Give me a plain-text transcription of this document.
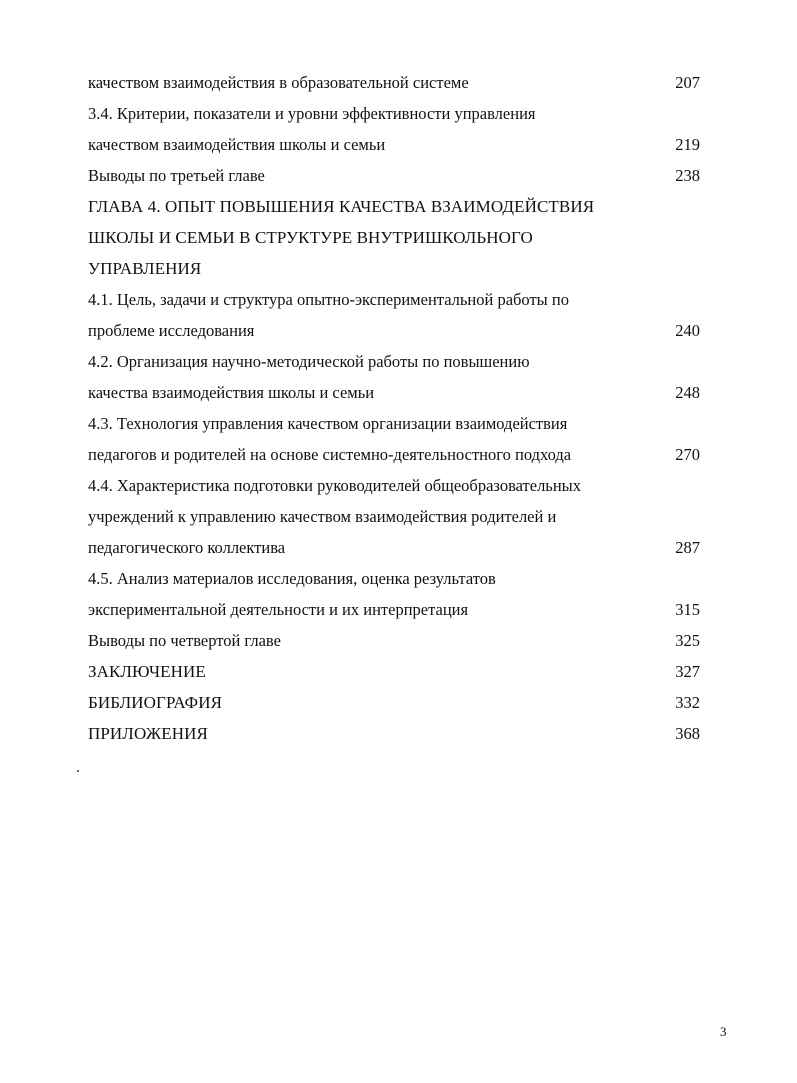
качеством взаимодействия в образовательной системе	207
3.4. Критерии, показатели и уровни эффективности управления
качеством взаимодействия школы и семьи	219
Выводы по третьей главе	238
ГЛАВА 4. ОПЫТ ПОВЫШЕНИЯ КАЧЕСТВА ВЗАИМОДЕЙСТВИЯ
ШКОЛЫ И СЕМЬИ В СТРУКТУРЕ ВНУТРИШКОЛЬНОГО
УПРАВЛЕНИЯ
4.1. Цель, задачи и структура опытно-экспериментальной работы по
проблеме исследования	240
4.2. Организация научно-методической работы по повышению
качества взаимодействия школы и семьи	248
4.3. Технология управления качеством организации взаимодействия
педагогов и родителей на основе системно-деятельностного подхода	270
4.4. Характеристика подготовки руководителей общеобразовательных
учреждений к управлению качеством взаимодействия родителей и
педагогического коллектива	287
4.5. Анализ материалов исследования, оценка результатов
экспериментальной деятельности и их интерпретация	315
Выводы по четвертой главе	325
ЗАКЛЮЧЕНИЕ	327
БИБЛИОГРАФИЯ	332
ПРИЛОЖЕНИЯ	368
3
